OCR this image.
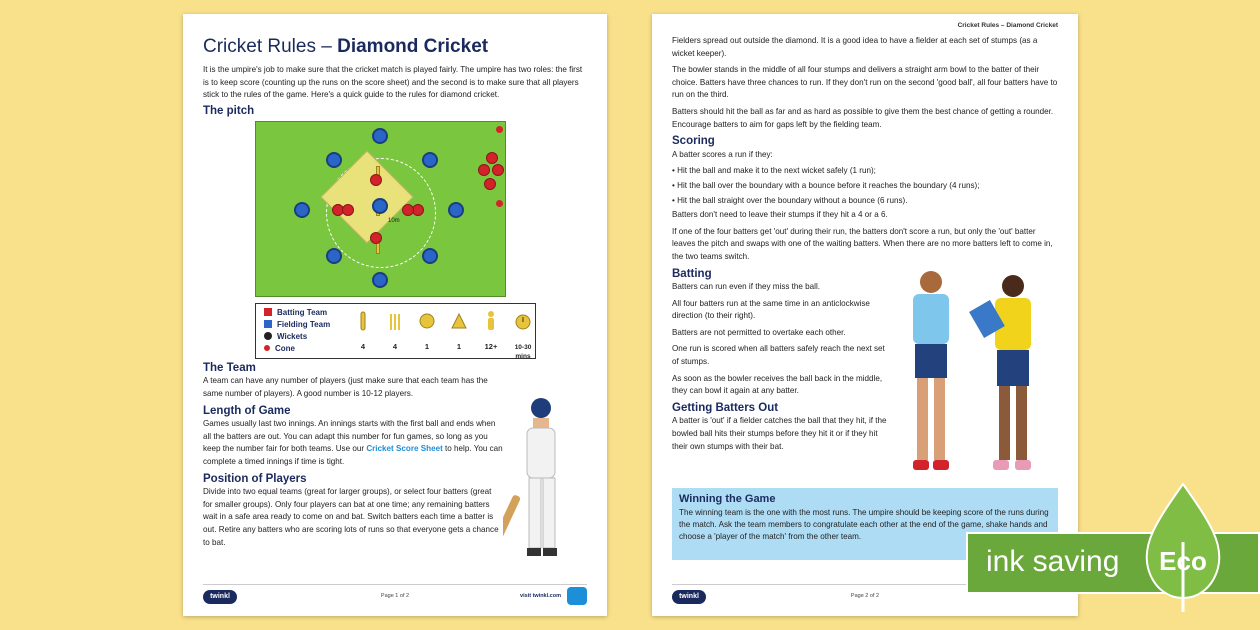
Cricket Rules – Diamond Cricket
It is the umpire's job to make sure that the cricket match is played fairly. The umpire has two roles: the first is to keep score (counting up the runs on the score sheet) and the second is to make sure that all players stick to the rules of the game. Here's a quick guide to the rules for diamond cricket.
The pitch
10m
Batting Team
Fielding Team
Wickets
Cone	4	4	1	1	12+	10-30 mins
The Team

A team can have any number of players (just make sure that each team has the same number of players). A good number is 10-12 players.

Length of Game

Games usually last two innings. An innings starts with the first ball and ends when all the batters are out. You can adapt this number for fun games, so long as you keep the number fair for both teams. Use our Cricket Score Sheet to help. You can complete a timed innings if time is tight.

Position of Players

Divide into two equal teams (great for larger groups), or select four batters (great for smaller groups). Only four players can bat at one time; any remaining batters wait in a safe area ready to come on and bat. Switch batters each time a batter is out. Retire any batters who are scoring lots of runs so that everyone gets a chance to bat.

twinkl	Page 1 of 2	visit twinkl.com
Cricket Rules – Diamond Cricket

Fielders spread out outside the diamond. It is a good idea to have a fielder at each set of stumps (as a wicket keeper).

The bowler stands in the middle of all four stumps and delivers a straight arm bowl to the batter of their choice. Batters have three chances to run. If they don't run on the second 'good ball', all four batters have to run on the third.

Batters should hit the ball as far and as hard as possible to give them the best chance of getting a rounder. Encourage batters to aim for gaps left by the fielding team.

Scoring

A batter scores a run if they:

• Hit the ball and make it to the next wicket safely (1 run);
• Hit the ball over the boundary with a bounce before it reaches the boundary (4 runs);
• Hit the ball straight over the boundary without a bounce (6 runs).

Batters don't need to leave their stumps if they hit a 4 or a 6.

If one of the four batters get 'out' during their run, the batters don't score a run, but only the 'out' batter leaves the pitch and swaps with one of the waiting batters. When there are no more batters left to come in, the two teams switch.

Batting

Batters can run even if they miss the ball.

All four batters run at the same time in an anticlockwise direction (to their right).

Batters are not permitted to overtake each other.

One run is scored when all batters safely reach the next set of stumps.

As soon as the bowler receives the ball back in the middle, they can bowl it again at any batter.

Getting Batters Out

A batter is 'out' if a fielder catches the ball that they hit, if the bowled ball hits their stumps before they hit it or if they hit their own stumps with their bat.

Winning the Game

The winning team is the one with the most runs. The umpire should be keeping score of the runs during the match. Ask the team members to congratulate each other at the end of the game, shake hands and choose a 'player of the match' from the other team.

twinkl	Page 2 of 2
ink saving Eco
